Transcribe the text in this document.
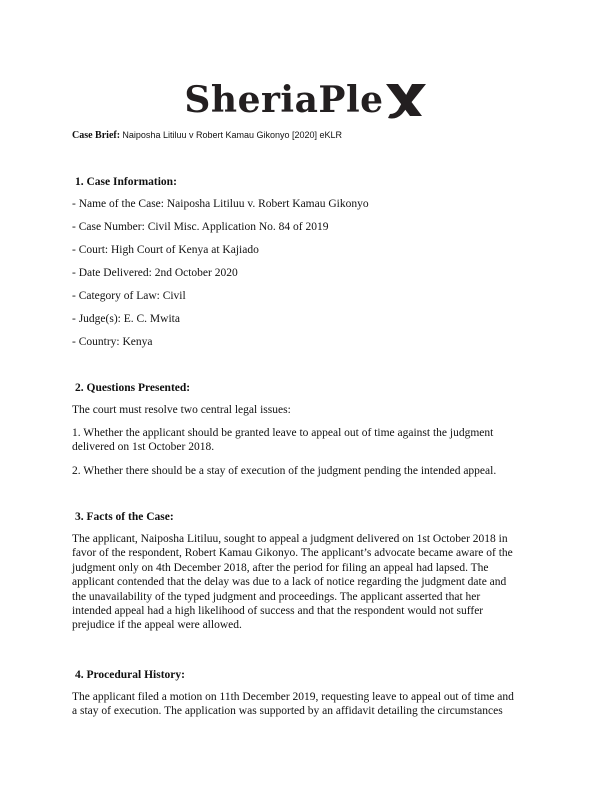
SheriaPle
Case Brief: Naiposha Litiluu v Robert Kamau Gikonyo [2020] eKLR
1. Case Information:
- Name of the Case: Naiposha Litiluu v. Robert Kamau Gikonyo
- Case Number: Civil Misc. Application No. 84 of 2019
- Court: High Court of Kenya at Kajiado
- Date Delivered: 2nd October 2020
- Category of Law: Civil
- Judge(s): E. C. Mwita
- Country: Kenya
2. Questions Presented:
The court must resolve two central legal issues:
1. Whether the applicant should be granted leave to appeal out of time against the judgment
delivered on 1st October 2018.
2. Whether there should be a stay of execution of the judgment pending the intended appeal.
3. Facts of the Case:
The applicant, Naiposha Litiluu, sought to appeal a judgment delivered on 1st October 2018 in
favor of the respondent, Robert Kamau Gikonyo. The applicant’s advocate became aware of the
judgment only on 4th December 2018, after the period for filing an appeal had lapsed. The
applicant contended that the delay was due to a lack of notice regarding the judgment date and
the unavailability of the typed judgment and proceedings. The applicant asserted that her
intended appeal had a high likelihood of success and that the respondent would not suffer
prejudice if the appeal were allowed.
4. Procedural History:
The applicant filed a motion on 11th December 2019, requesting leave to appeal out of time and
a stay of execution. The application was supported by an affidavit detailing the circumstances
